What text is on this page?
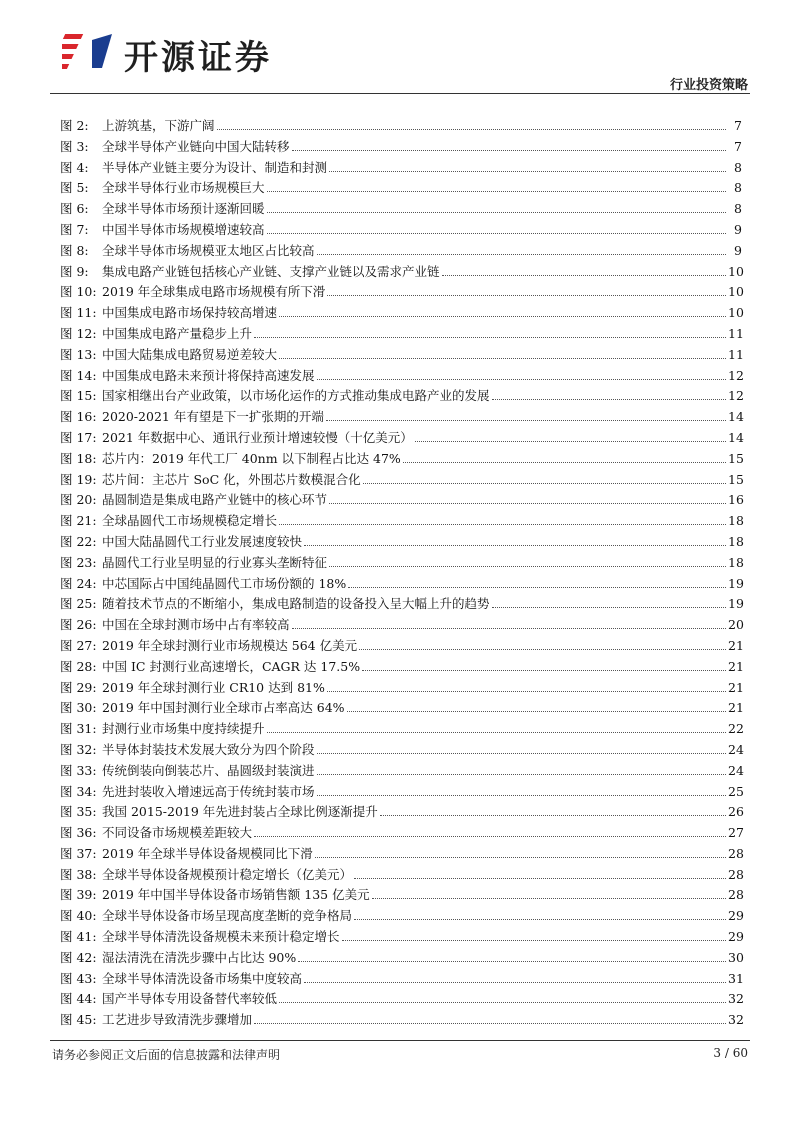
开源证券
行业投资策略
图 2:	上游筑基，下游广阔	7
图 3:	全球半导体产业链向中国大陆转移	7
图 4:	半导体产业链主要分为设计、制造和封测	8
图 5:	全球半导体行业市场规模巨大	8
图 6:	全球半导体市场预计逐渐回暖	8
图 7:	中国半导体市场规模增速较高	9
图 8:	全球半导体市场规模亚太地区占比较高	9
图 9:	集成电路产业链包括核心产业链、支撑产业链以及需求产业链	10
图 10: 2019 年全球集成电路市场规模有所下滑	10
图 11: 中国集成电路市场保持较高增速	10
图 12: 中国集成电路产量稳步上升	11
图 13: 中国大陆集成电路贸易逆差较大	11
图 14: 中国集成电路未来预计将保持高速发展	12
图 15: 国家相继出台产业政策，以市场化运作的方式推动集成电路产业的发展	12
图 16: 2020-2021 年有望是下一扩张期的开端	14
图 17: 2021 年数据中心、通讯行业预计增速较慢（十亿美元）	14
图 18: 芯片内：2019 年代工厂 40nm 以下制程占比达 47%	15
图 19: 芯片间：主芯片 SoC 化，外围芯片数模混合化	15
图 20: 晶圆制造是集成电路产业链中的核心环节	16
图 21: 全球晶圆代工市场规模稳定增长	18
图 22: 中国大陆晶圆代工行业发展速度较快	18
图 23: 晶圆代工行业呈明显的行业寡头垄断特征	18
图 24: 中芯国际占中国纯晶圆代工市场份额的 18%	19
图 25: 随着技术节点的不断缩小，集成电路制造的设备投入呈大幅上升的趋势	19
图 26: 中国在全球封测市场中占有率较高	20
图 27: 2019 年全球封测行业市场规模达 564 亿美元	21
图 28: 中国 IC 封测行业高速增长，CAGR 达 17.5%	21
图 29: 2019 年全球封测行业 CR10 达到 81%	21
图 30: 2019 年中国封测行业全球市占率高达 64%	21
图 31: 封测行业市场集中度持续提升	22
图 32: 半导体封装技术发展大致分为四个阶段	24
图 33: 传统倒装向倒装芯片、晶圆级封装演进	24
图 34: 先进封装收入增速远高于传统封装市场	25
图 35: 我国 2015-2019 年先进封装占全球比例逐渐提升	26
图 36: 不同设备市场规模差距较大	27
图 37: 2019 年全球半导体设备规模同比下滑	28
图 38: 全球半导体设备规模预计稳定增长（亿美元）	28
图 39: 2019 年中国半导体设备市场销售额 135 亿美元	28
图 40: 全球半导体设备市场呈现高度垄断的竞争格局	29
图 41: 全球半导体清洗设备规模未来预计稳定增长	29
图 42: 湿法清洗在清洗步骤中占比达 90%	30
图 43: 全球半导体清洗设备市场集中度较高	31
图 44: 国产半导体专用设备替代率较低	32
图 45: 工艺进步导致清洗步骤增加	32
请务必参阅正文后面的信息披露和法律声明	3 / 60
